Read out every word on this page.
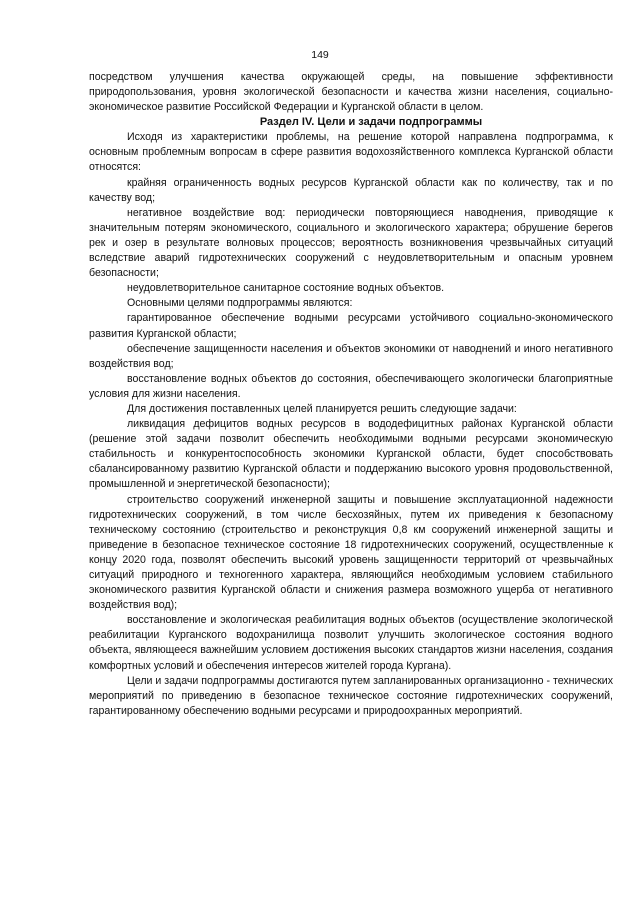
149

посредством улучшения качества окружающей среды, на повышение эффективности природопользования, уровня экологической безопасности и качества жизни населения, социально-экономическое развитие Российской Федерации и Курганской области в целом.

Раздел IV. Цели и задачи подпрограммы

Исходя из характеристики проблемы, на решение которой направлена подпрограмма, к основным проблемным вопросам в сфере развития водохозяйственного комплекса Курганской области относятся:

крайняя ограниченность водных ресурсов Курганской области как по количеству, так и по качеству вод;

негативное воздействие вод: периодически повторяющиеся наводнения, приводящие к значительным потерям экономического, социального и экологического характера; обрушение берегов рек и озер в результате волновых процессов; вероятность возникновения чрезвычайных ситуаций вследствие аварий гидротехнических сооружений с неудовлетворительным и опасным уровнем безопасности;

неудовлетворительное санитарное состояние водных объектов.

Основными целями подпрограммы являются:

гарантированное обеспечение водными ресурсами устойчивого социально-экономического развития Курганской области;

обеспечение защищенности населения и объектов экономики от наводнений и иного негативного воздействия вод;

восстановление водных объектов до состояния, обеспечивающего экологически благоприятные условия для жизни населения.

Для достижения поставленных целей планируется решить следующие задачи:

ликвидация дефицитов водных ресурсов в вододефицитных районах Курганской области (решение этой задачи позволит обеспечить необходимыми водными ресурсами экономическую стабильность и конкурентоспособность экономики Курганской области, будет способствовать сбалансированному развитию Курганской области и поддержанию высокого уровня продовольственной, промышленной и энергетической безопасности);

строительство сооружений инженерной защиты и повышение эксплуатационной надежности гидротехнических сооружений, в том числе бесхозяйных, путем их приведения к безопасному техническому состоянию (строительство и реконструкция 0,8 км сооружений инженерной защиты и приведение в безопасное техническое состояние 18 гидротехнических сооружений, осуществленные к концу 2020 года, позволят обеспечить высокий уровень защищенности территорий от чрезвычайных ситуаций природного и техногенного характера, являющийся необходимым условием стабильного экономического развития Курганской области и снижения размера возможного ущерба от негативного воздействия вод);

восстановление и экологическая реабилитация водных объектов (осуществление экологической реабилитации Курганского водохранилища позволит улучшить экологическое состояния водного объекта, являющееся важнейшим условием достижения высоких стандартов жизни населения, создания комфортных условий и обеспечения интересов жителей города Кургана).

Цели и задачи подпрограммы достигаются путем запланированных организационно - технических мероприятий по приведению в безопасное техническое состояние гидротехнических сооружений, гарантированному обеспечению водными ресурсами и природоохранных мероприятий.
